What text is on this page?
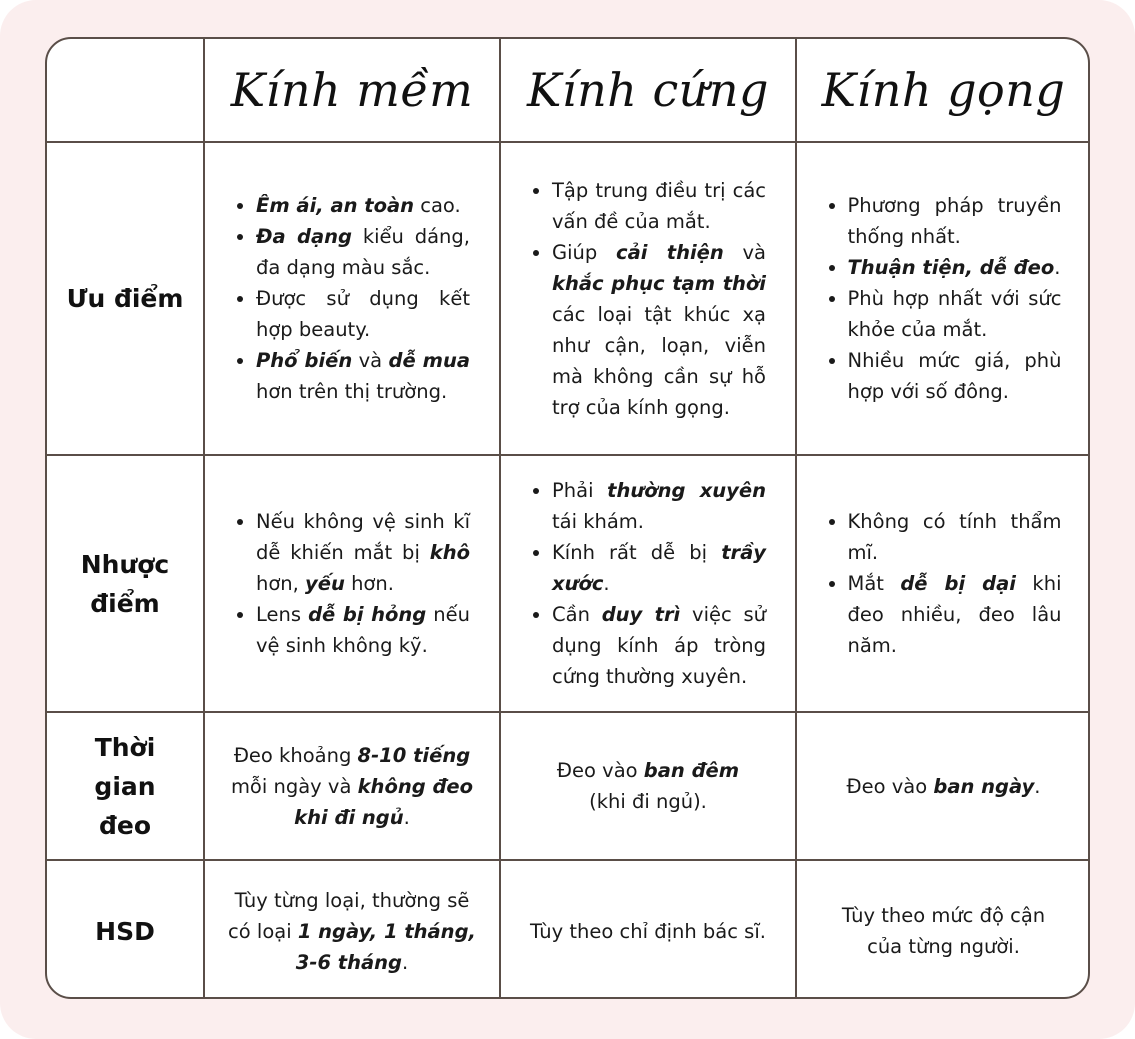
Kính mềm Kính cứng Kính gọng
Ưu điểm
• Êm ái, an toàn cao.
• Đa dạng kiểu dáng, đa dạng màu sắc.
• Được sử dụng kết hợp beauty.
• Phổ biến và dễ mua hơn trên thị trường.
• Tập trung điều trị các vấn đề của mắt.
• Giúp cải thiện và khắc phục tạm thời các loại tật khúc xạ như cận, loạn, viễn mà không cần sự hỗ trợ của kính gọng.
• Phương pháp truyền thống nhất.
• Thuận tiện, dễ đeo.
• Phù hợp nhất với sức khỏe của mắt.
• Nhiều mức giá, phù hợp với số đông.
Nhược
điểm
• Nếu không vệ sinh kĩ dễ khiến mắt bị khô hơn, yếu hơn.
• Lens dễ bị hỏng nếu vệ sinh không kỹ.
• Phải thường xuyên tái khám.
• Kính rất dễ bị trầy xước.
• Cần duy trì việc sử dụng kính áp tròng cứng thường xuyên.
• Không có tính thẩm mĩ.
• Mắt dễ bị dại khi đeo nhiều, đeo lâu năm.
Thời
gian
đeo
Đeo khoảng 8-10 tiếng mỗi ngày và không đeo khi đi ngủ.
Đeo vào ban đêm (khi đi ngủ).
Đeo vào ban ngày.
HSD
Tùy từng loại, thường sẽ có loại 1 ngày, 1 tháng, 3-6 tháng.
Tùy theo chỉ định bác sĩ.
Tùy theo mức độ cận của từng người.
